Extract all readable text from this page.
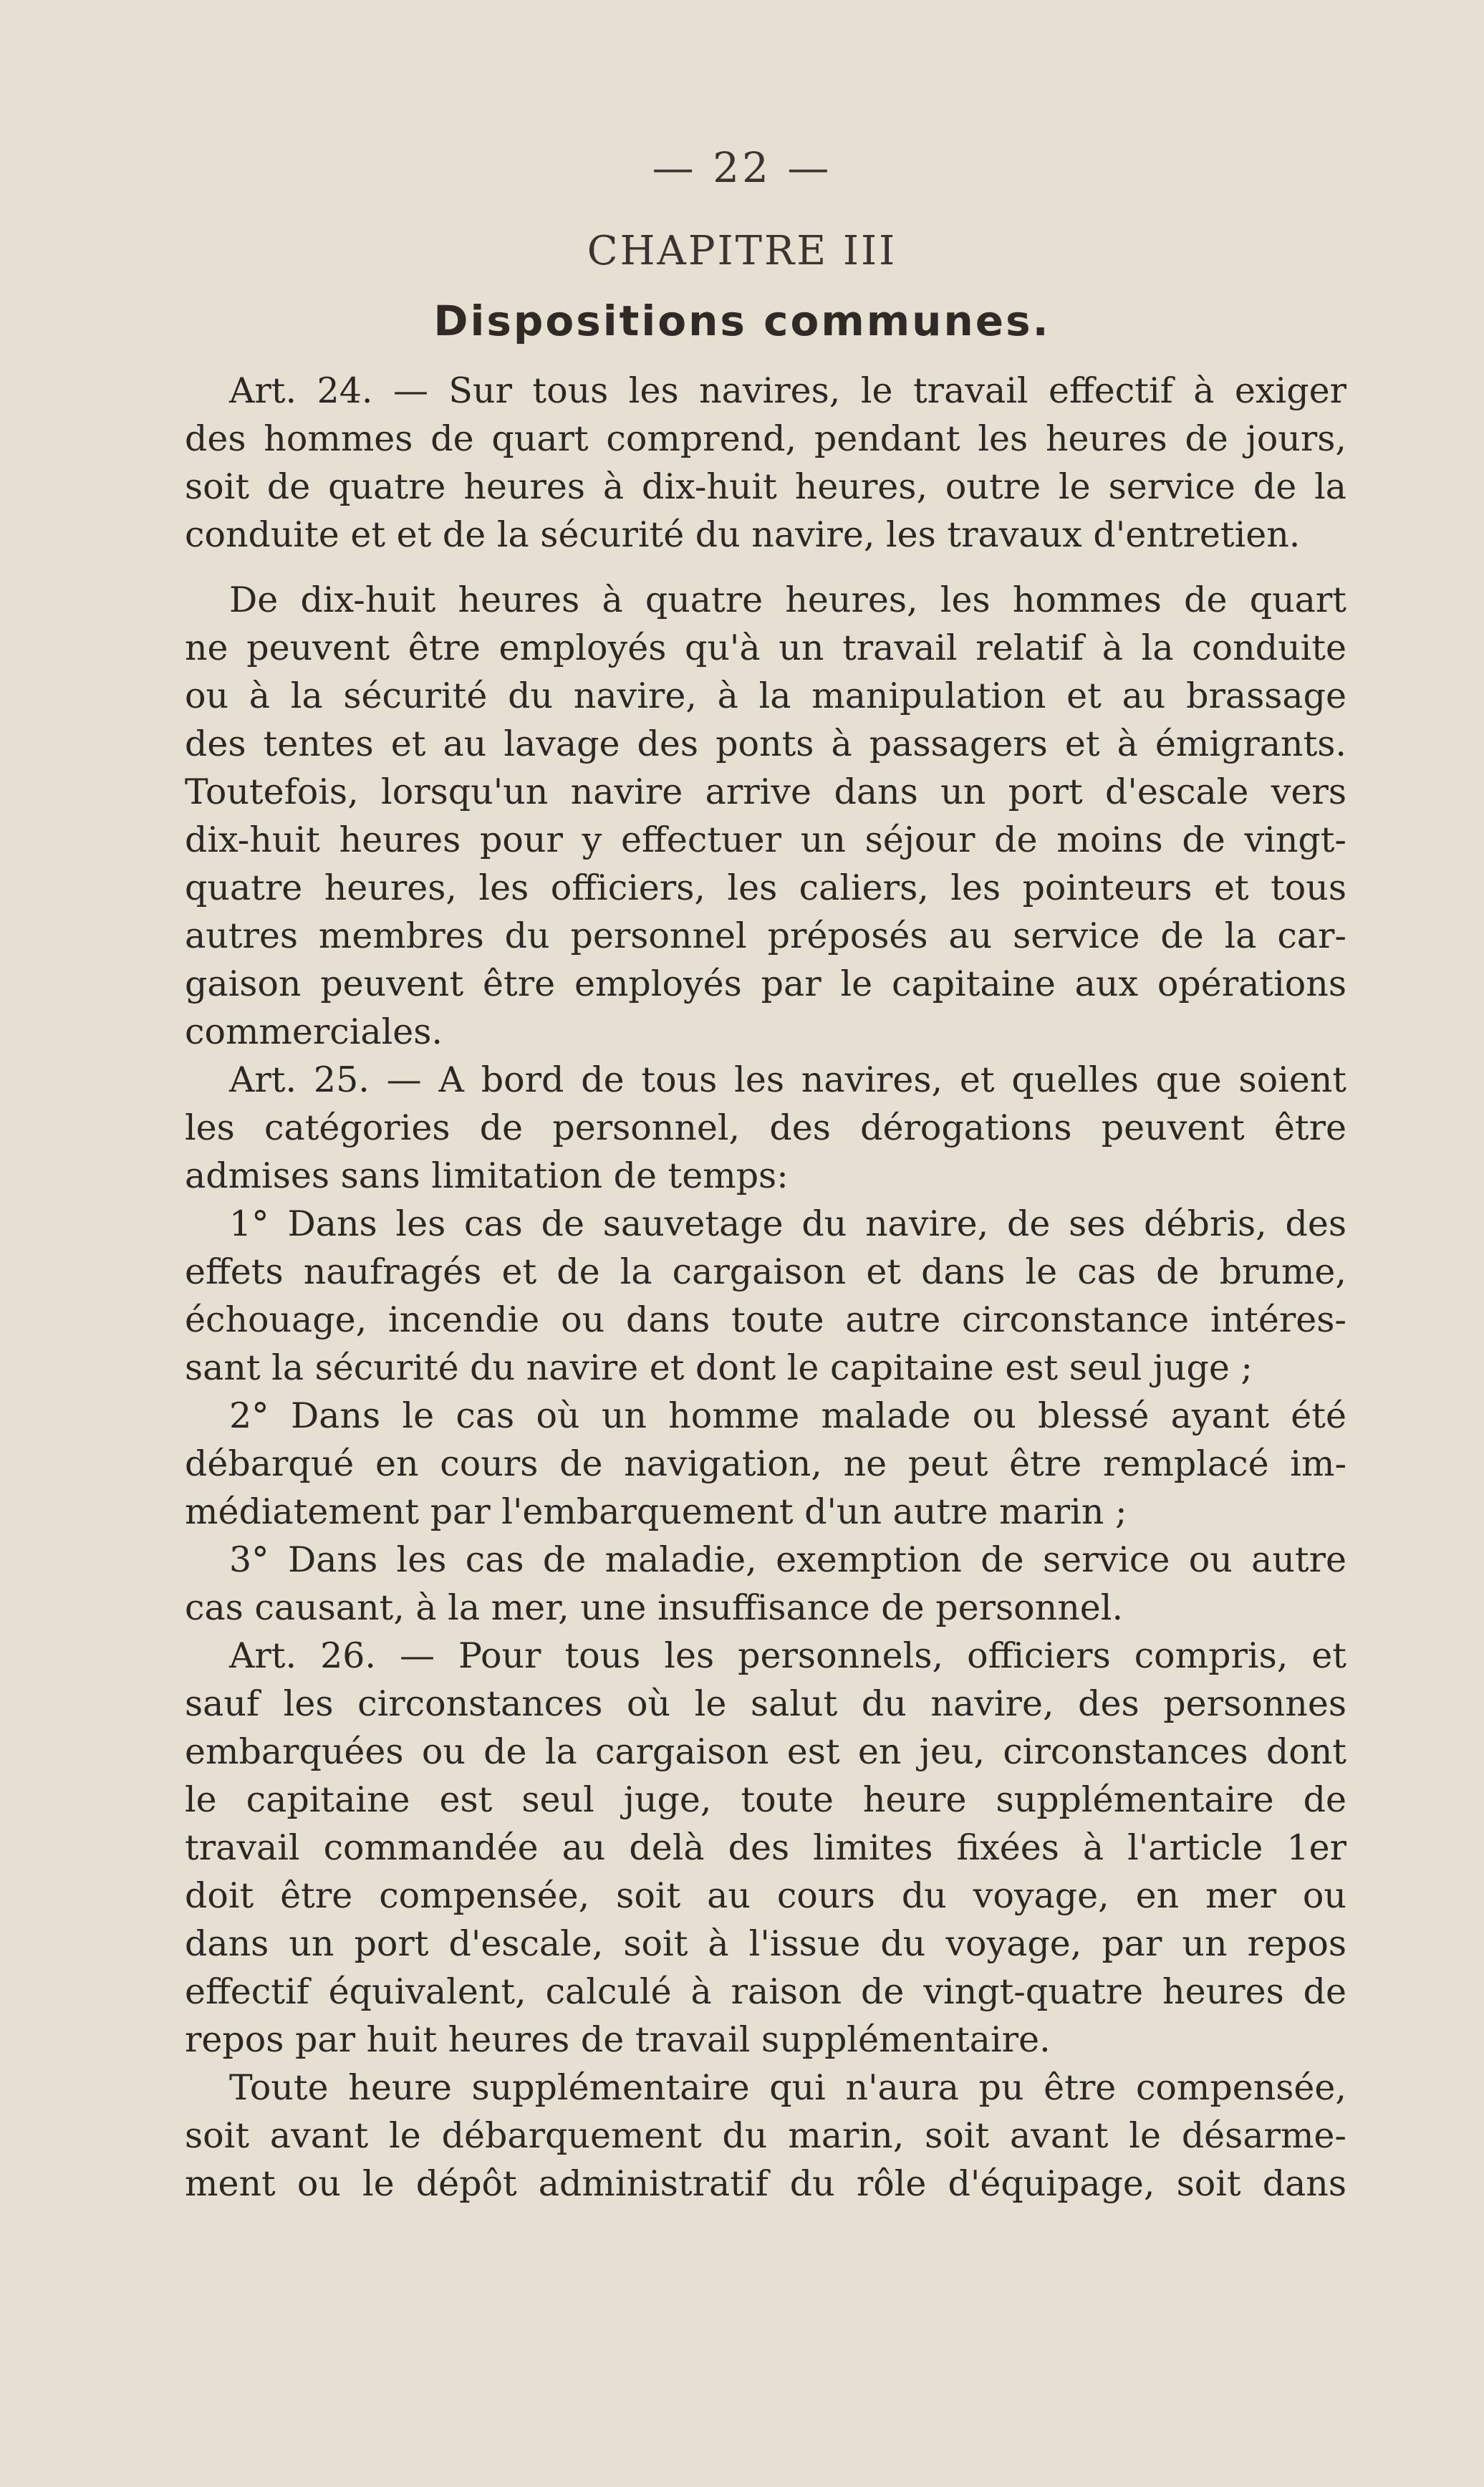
— 22 —
CHAPITRE III
Dispositions communes.
Art. 24. — Sur tous les navires, le travail effectif à exiger
des hommes de quart comprend, pendant les heures de jours,
soit de quatre heures à dix-huit heures, outre le service de la
conduite et et de la sécurité du navire, les travaux d'entretien.
De dix-huit heures à quatre heures, les hommes de quart
ne peuvent être employés qu'à un travail relatif à la conduite
ou à la sécurité du navire, à la manipulation et au brassage
des tentes et au lavage des ponts à passagers et à émigrants.
Toutefois, lorsqu'un navire arrive dans un port d'escale vers
dix-huit heures pour y effectuer un séjour de moins de vingt-
quatre heures, les officiers, les caliers, les pointeurs et tous
autres membres du personnel préposés au service de la car-
gaison peuvent être employés par le capitaine aux opérations
commerciales.
Art. 25. — A bord de tous les navires, et quelles que soient
les catégories de personnel, des dérogations peuvent être
admises sans limitation de temps:
1° Dans les cas de sauvetage du navire, de ses débris, des
effets naufragés et de la cargaison et dans le cas de brume,
échouage, incendie ou dans toute autre circonstance intéres-
sant la sécurité du navire et dont le capitaine est seul juge ;
2° Dans le cas où un homme malade ou blessé ayant été
débarqué en cours de navigation, ne peut être remplacé im-
médiatement par l'embarquement d'un autre marin ;
3° Dans les cas de maladie, exemption de service ou autre
cas causant, à la mer, une insuffisance de personnel.
Art. 26. — Pour tous les personnels, officiers compris, et
sauf les circonstances où le salut du navire, des personnes
embarquées ou de la cargaison est en jeu, circonstances dont
le capitaine est seul juge, toute heure supplémentaire de
travail commandée au delà des limites fixées à l'article 1er
doit être compensée, soit au cours du voyage, en mer ou
dans un port d'escale, soit à l'issue du voyage, par un repos
effectif équivalent, calculé à raison de vingt-quatre heures de
repos par huit heures de travail supplémentaire.
Toute heure supplémentaire qui n'aura pu être compensée,
soit avant le débarquement du marin, soit avant le désarme-
ment ou le dépôt administratif du rôle d'équipage, soit dans
